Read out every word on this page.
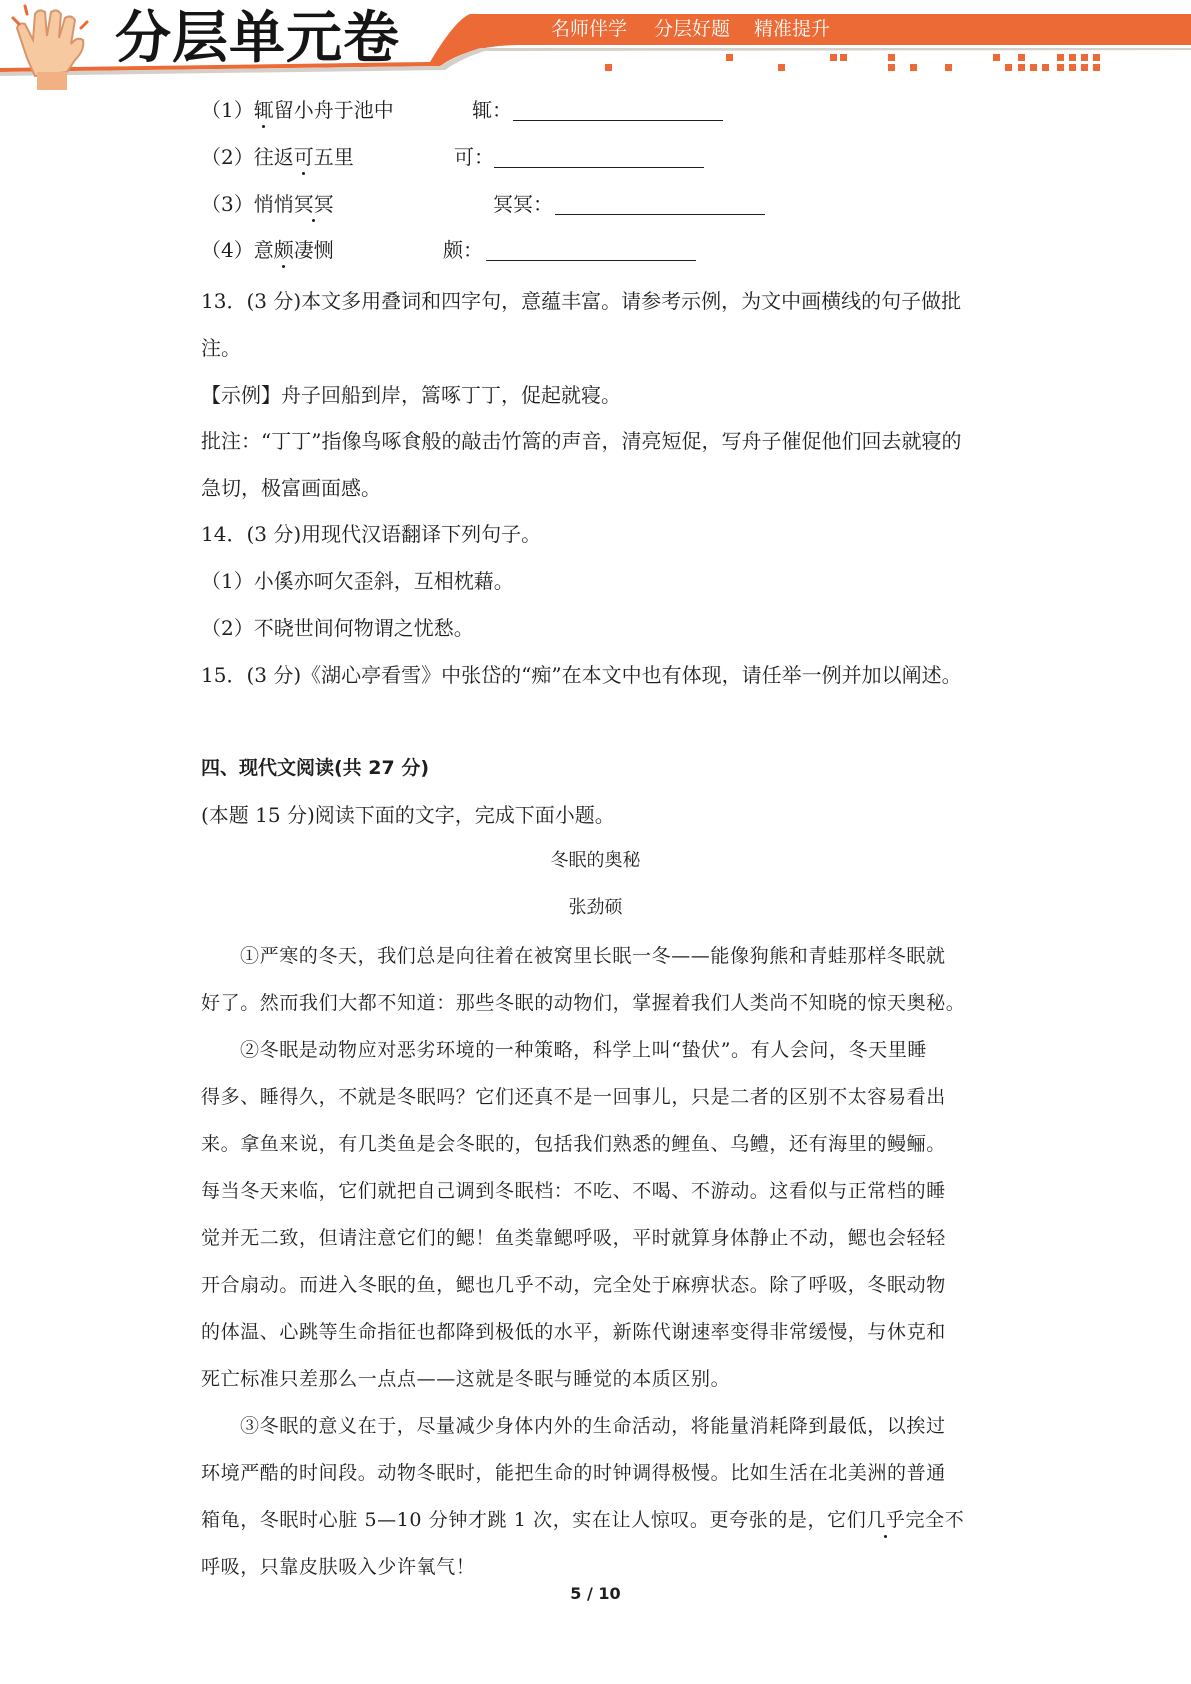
分层单元卷	名师伴学 分层好题 精准提升
（1）辄留小舟于池中	辄：
（2）往返可五里	可：
（3）悄悄冥冥	冥冥：
（4）意颇凄恻	颇：
13．(3 分)本文多用叠词和四字句，意蕴丰富。请参考示例，为文中画横线的句子做批
注。
【示例】舟子回船到岸，篙啄丁丁，促起就寝。
批注：“丁丁”指像鸟啄食般的敲击竹篙的声音，清亮短促，写舟子催促他们回去就寝的
急切，极富画面感。
14．(3 分)用现代汉语翻译下列句子。
（1）小傒亦呵欠歪斜，互相枕藉。
（2）不晓世间何物谓之忧愁。
15．(3 分)《湖心亭看雪》中张岱的“痴”在本文中也有体现，请任举一例并加以阐述。
四、现代文阅读(共 27 分)
(本题 15 分)阅读下面的文字，完成下面小题。
冬眠的奥秘
张劲硕
①严寒的冬天，我们总是向往着在被窝里长眠一冬——能像狗熊和青蛙那样冬眠就
好了。然而我们大都不知道：那些冬眠的动物们，掌握着我们人类尚不知晓的惊天奥秘。
②冬眠是动物应对恶劣环境的一种策略，科学上叫“蛰伏”。有人会问，冬天里睡
得多、睡得久，不就是冬眠吗？它们还真不是一回事儿，只是二者的区别不太容易看出
来。拿鱼来说，有几类鱼是会冬眠的，包括我们熟悉的鲤鱼、乌鳢，还有海里的鳗鲡。
每当冬天来临，它们就把自己调到冬眠档：不吃、不喝、不游动。这看似与正常档的睡
觉并无二致，但请注意它们的鳃！鱼类靠鳃呼吸，平时就算身体静止不动，鳃也会轻轻
开合扇动。而进入冬眠的鱼，鳃也几乎不动，完全处于麻痹状态。除了呼吸，冬眠动物
的体温、心跳等生命指征也都降到极低的水平，新陈代谢速率变得非常缓慢，与休克和
死亡标准只差那么一点点——这就是冬眠与睡觉的本质区别。
③冬眠的意义在于，尽量减少身体内外的生命活动，将能量消耗降到最低，以挨过
环境严酷的时间段。动物冬眠时，能把生命的时钟调得极慢。比如生活在北美洲的普通
箱龟，冬眠时心脏 5—10 分钟才跳 1 次，实在让人惊叹。更夸张的是，它们几乎完全不
呼吸，只靠皮肤吸入少许氧气！
5 / 10
